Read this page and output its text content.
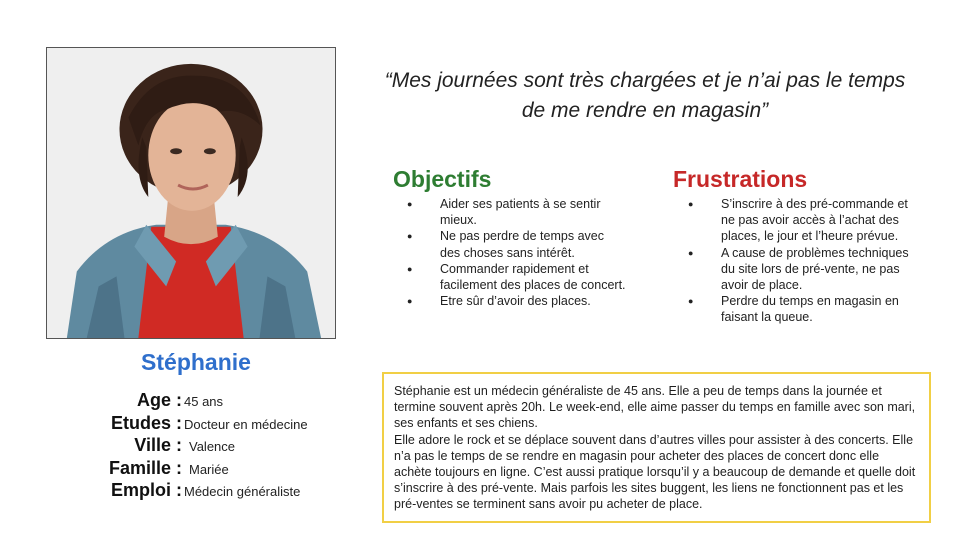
Stéphanie
Age : 45 ans
Etudes : Docteur en médecine
Ville : Valence
Famille : Mariée
Emploi : Médecin généraliste
“Mes journées sont très chargées et je n’ai pas le temps de me rendre en magasin”
Objectifs
● Aider ses patients à se sentir mieux.
● Ne pas perdre de temps avec des choses sans intérêt.
● Commander rapidement et facilement des places de concert.
● Etre sûr d’avoir des places.
Frustrations
● S’inscrire à des pré-commande et ne pas avoir accès à l’achat des places, le jour et l’heure prévue.
● A cause de problèmes techniques du site lors de pré-vente, ne pas avoir de place.
● Perdre du temps en magasin en faisant la queue.

Stéphanie est un médecin généraliste de 45 ans. Elle a peu de temps dans la journée et termine souvent après 20h. Le week-end, elle aime passer du temps en famille avec son mari, ses enfants et ses chiens.

Elle adore le rock et se déplace souvent dans d’autres villes pour assister à des concerts. Elle n’a pas le temps de se rendre en magasin pour acheter des places de concert donc elle achète toujours en ligne. C’est aussi pratique lorsqu’il y a beaucoup de demande et quelle doit s’inscrire à des pré-vente. Mais parfois les sites buggent, les liens ne fonctionnent pas et les pré-ventes se terminent sans avoir pu acheter de place.
